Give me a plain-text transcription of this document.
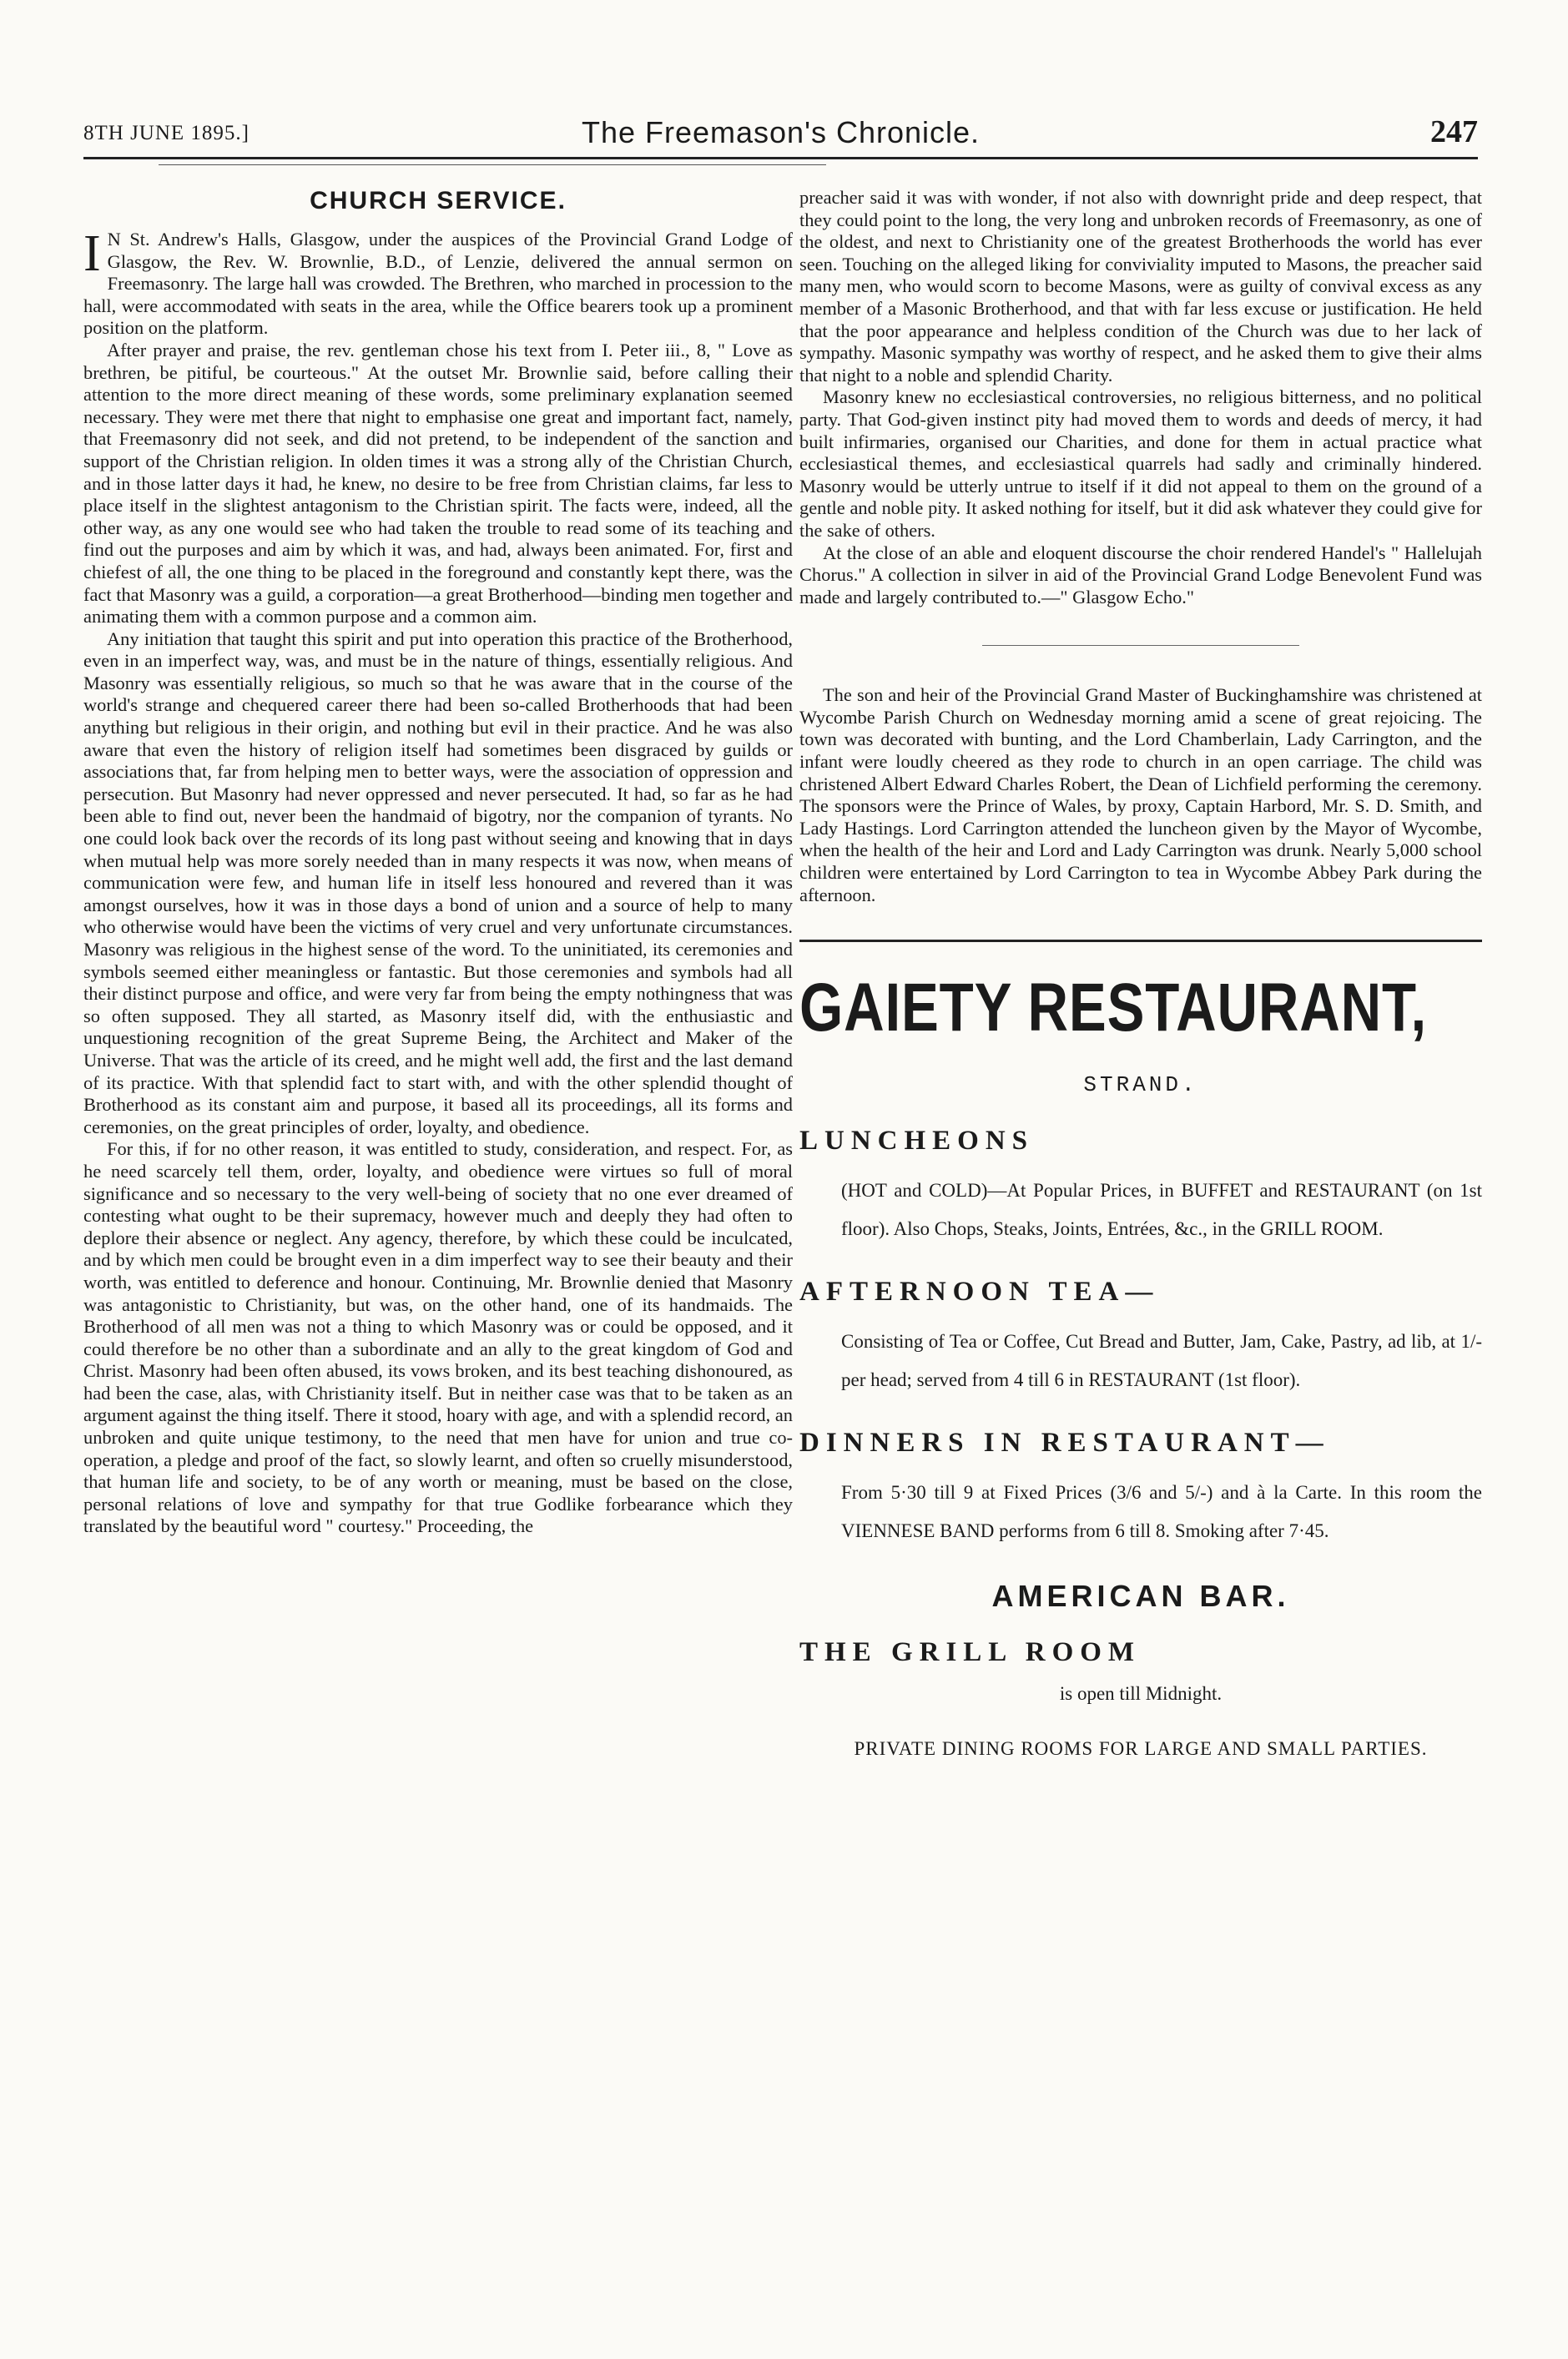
8TH JUNE 1895.]	The Freemason's Chronicle.	247
CHURCH SERVICE.

I N St. Andrew's Halls, Glasgow, under the auspices of the Provincial Grand Lodge of Glasgow, the Rev. W. Brownlie, B.D., of Lenzie, delivered the annual sermon on Freemasonry. The large hall was crowded. The Brethren, who marched in procession to the hall, were accommodated with seats in the area, while the Office bearers took up a prominent position on the platform.

After prayer and praise, the rev. gentleman chose his text from I. Peter iii., 8, " Love as brethren, be pitiful, be courteous." At the outset Mr. Brownlie said, before calling their attention to the more direct meaning of these words, some preliminary explanation seemed necessary. They were met there that night to emphasise one great and important fact, namely, that Freemasonry did not seek, and did not pretend, to be independent of the sanction and support of the Christian religion. In olden times it was a strong ally of the Christian Church, and in those latter days it had, he knew, no desire to be free from Christian claims, far less to place itself in the slightest antagonism to the Christian spirit. The facts were, indeed, all the other way, as any one would see who had taken the trouble to read some of its teaching and find out the purposes and aim by which it was, and had, always been animated. For, first and chiefest of all, the one thing to be placed in the foreground and constantly kept there, was the fact that Masonry was a guild, a corporation—a great Brotherhood—binding men together and animating them with a common purpose and a common aim.

Any initiation that taught this spirit and put into operation this practice of the Brotherhood, even in an imperfect way, was, and must be in the nature of things, essentially religious. And Masonry was essentially religious, so much so that he was aware that in the course of the world's strange and chequered career there had been so-called Brotherhoods that had been anything but religious in their origin, and nothing but evil in their practice. And he was also aware that even the history of religion itself had sometimes been disgraced by guilds or associations that, far from helping men to better ways, were the association of oppression and persecution. But Masonry had never oppressed and never persecuted. It had, so far as he had been able to find out, never been the handmaid of bigotry, nor the companion of tyrants. No one could look back over the records of its long past without seeing and knowing that in days when mutual help was more sorely needed than in many respects it was now, when means of communication were few, and human life in itself less honoured and revered than it was amongst ourselves, how it was in those days a bond of union and a source of help to many who otherwise would have been the victims of very cruel and very unfortunate circumstances. Masonry was religious in the highest sense of the word. To the uninitiated, its ceremonies and symbols seemed either meaningless or fantastic. But those ceremonies and symbols had all their distinct purpose and office, and were very far from being the empty nothingness that was so often supposed. They all started, as Masonry itself did, with the enthusiastic and unquestioning recognition of the great Supreme Being, the Architect and Maker of the Universe. That was the article of its creed, and he might well add, the first and the last demand of its practice. With that splendid fact to start with, and with the other splendid thought of Brotherhood as its constant aim and purpose, it based all its proceedings, all its forms and ceremonies, on the great principles of order, loyalty, and obedience.

For this, if for no other reason, it was entitled to study, consideration, and respect. For, as he need scarcely tell them, order, loyalty, and obedience were virtues so full of moral significance and so necessary to the very well-being of society that no one ever dreamed of contesting what ought to be their supremacy, however much and deeply they had often to deplore their absence or neglect. Any agency, therefore, by which these could be inculcated, and by which men could be brought even in a dim imperfect way to see their beauty and their worth, was entitled to deference and honour. Continuing, Mr. Brownlie denied that Masonry was antagonistic to Christianity, but was, on the other hand, one of its handmaids. The Brotherhood of all men was not a thing to which Masonry was or could be opposed, and it could therefore be no other than a subordinate and an ally to the great kingdom of God and Christ. Masonry had been often abused, its vows broken, and its best teaching dishonoured, as had been the case, alas, with Christianity itself. But in neither case was that to be taken as an argument against the thing itself. There it stood, hoary with age, and with a splendid record, an unbroken and quite unique testimony, to the need that men have for union and true co-operation, a pledge and proof of the fact, so slowly learnt, and often so cruelly misunderstood, that human life and society, to be of any worth or meaning, must be based on the close, personal relations of love and sympathy for that true Godlike forbearance which they translated by the beautiful word " courtesy." Proceeding, the

preacher said it was with wonder, if not also with downright pride and deep respect, that they could point to the long, the very long and unbroken records of Freemasonry, as one of the oldest, and next to Christianity one of the greatest Brotherhoods the world has ever seen. Touching on the alleged liking for conviviality imputed to Masons, the preacher said many men, who would scorn to become Masons, were as guilty of convival excess as any member of a Masonic Brotherhood, and that with far less excuse or justification. He held that the poor appearance and helpless condition of the Church was due to her lack of sympathy. Masonic sympathy was worthy of respect, and he asked them to give their alms that night to a noble and splendid Charity.

Masonry knew no ecclesiastical controversies, no religious bitterness, and no political party. That God-given instinct pity had moved them to words and deeds of mercy, it had built infirmaries, organised our Charities, and done for them in actual practice what ecclesiastical themes, and ecclesiastical quarrels had sadly and criminally hindered. Masonry would be utterly untrue to itself if it did not appeal to them on the ground of a gentle and noble pity. It asked nothing for itself, but it did ask whatever they could give for the sake of others.

At the close of an able and eloquent discourse the choir rendered Handel's " Hallelujah Chorus." A collection in silver in aid of the Provincial Grand Lodge Benevolent Fund was made and largely contributed to.—" Glasgow Echo."

The son and heir of the Provincial Grand Master of Buckinghamshire was christened at Wycombe Parish Church on Wednesday morning amid a scene of great rejoicing. The town was decorated with bunting, and the Lord Chamberlain, Lady Carrington, and the infant were loudly cheered as they rode to church in an open carriage. The child was christened Albert Edward Charles Robert, the Dean of Lichfield performing the ceremony. The sponsors were the Prince of Wales, by proxy, Captain Harbord, Mr. S. D. Smith, and Lady Hastings. Lord Carrington attended the luncheon given by the Mayor of Wycombe, when the health of the heir and Lord and Lady Carrington was drunk. Nearly 5,000 school children were entertained by Lord Carrington to tea in Wycombe Abbey Park during the afternoon.

GAIETY RESTAURANT,
STRAND.
LUNCHEONS
(HOT and COLD)—At Popular Prices, in BUFFET and RESTAURANT (on 1st floor). Also Chops, Steaks, Joints, Entrées, &c., in the GRILL ROOM.
AFTERNOON TEA—
Consisting of Tea or Coffee, Cut Bread and Butter, Jam, Cake, Pastry, ad lib, at 1/- per head; served from 4 till 6 in RESTAURANT (1st floor).
DINNERS IN RESTAURANT—
From 5·30 till 9 at Fixed Prices (3/6 and 5/-) and à la Carte. In this room the VIENNESE BAND performs from 6 till 8. Smoking after 7·45.
AMERICAN BAR.
THE GRILL ROOM
is open till Midnight.
PRIVATE DINING ROOMS FOR LARGE AND SMALL PARTIES.
